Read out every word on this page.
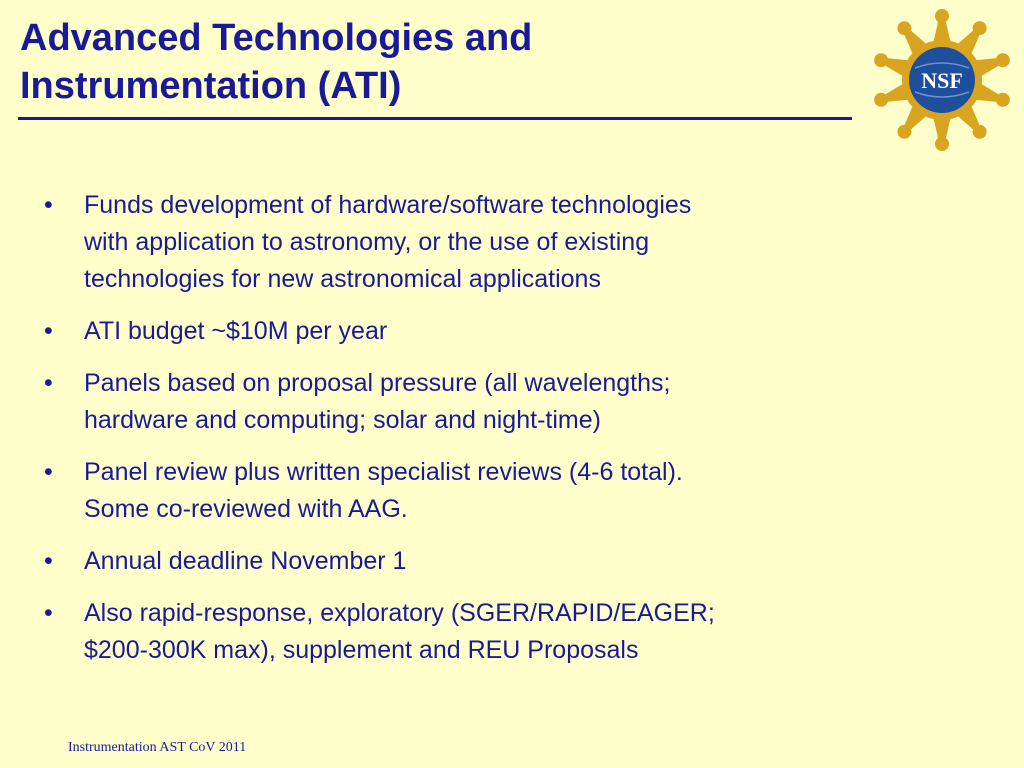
Advanced Technologies and
Instrumentation (ATI)	NSF
•	Funds development of hardware/software technologies
with application to astronomy, or the use of existing
technologies for new astronomical applications
•	ATI budget ~$10M per year
•	Panels based on proposal pressure (all wavelengths;
hardware and computing; solar and night-time)
•	Panel review plus written specialist reviews (4-6 total).
Some co-reviewed with AAG.
•	Annual deadline November 1
•	Also rapid-response, exploratory (SGER/RAPID/EAGER;
$200-300K max), supplement and REU Proposals
Instrumentation AST CoV 2011
